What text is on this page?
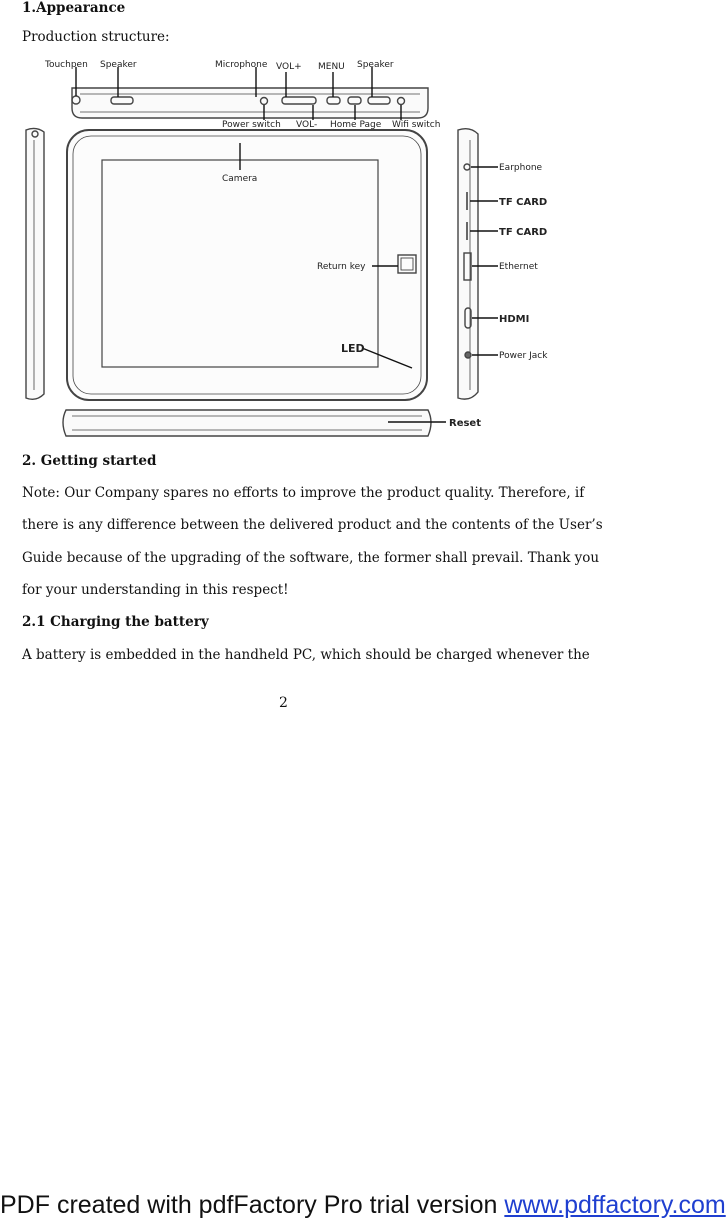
1.Appearance
Production structure:
Touchpen Speaker	Microphone VOL+ MENU Speaker
Power switch VOL- Home Page Wifi switch
Camera
Return key
LED
Earphone
TF CARD
TF CARD
Ethernet
HDMI
Power Jack
Reset
2. Getting started
Note: Our Company spares no efforts to improve the product quality. Therefore, if
there is any difference between the delivered product and the contents of the User’s
Guide because of the upgrading of the software, the former shall prevail. Thank you
for your understanding in this respect!
2.1 Charging the battery
A battery is embedded in the handheld PC, which should be charged whenever the
2
PDF created with pdfFactory Pro trial version www.pdffactory.com
